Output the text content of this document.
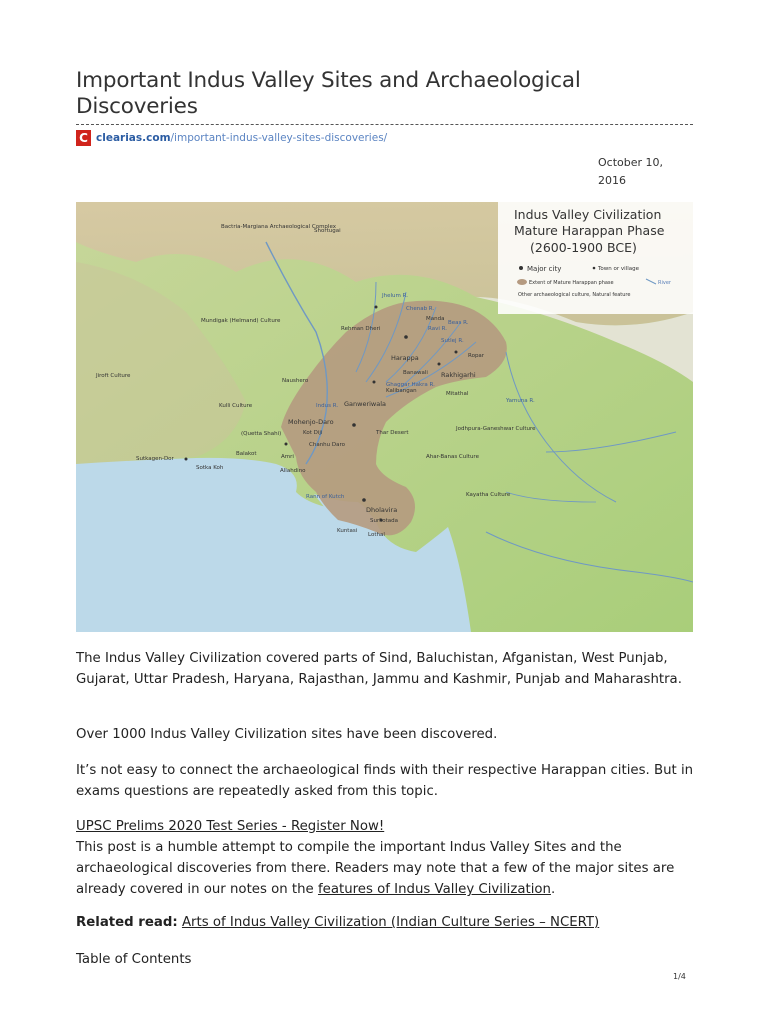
Important Indus Valley Sites and Archaeological Discoveries
C clearias.com /important-indus-valley-sites-discoveries/
October 10, 2016
Indus Valley Civilization
Mature Harappan Phase
(2600-1900 BCE)
Major city	Town or village
Extent of Mature Harappan phase	River
Other archaeological culture, Natural feature
Bactria-Margiana Archaeological Complex
Shortugai
Mundigak (Helmand) Culture
Jiroft Culture
Kulli Culture
Rehman Dheri
Naushero
Manda
Harappa	Ropar
Banawali Rakhigarhi
Kalibangan	Mitathal
Ganweriwala
Mohenjo-Daro
Kot Diji
(Quetta Shahi)
Chanhu Daro
Amri
Balakot
Sutkagen-Dor
Sotka Koh	Allahdino
Dholavira
Rann of Kutch
Surkotada
Lothal
Kuntasi
Thar Desert
Jodhpura-Ganeshwar Culture
Ahar-Banas Culture
Kayatha Culture
Indus R.
Jhelum R.
Chenab R.
Ravi R.
Beas R.
Sutlej R.
Ghaggar Hakra R.
Yamuna R.

The Indus Valley Civilization covered parts of Sind, Baluchistan, Afganistan, West Punjab, Gujarat, Uttar Pradesh, Haryana, Rajasthan, Jammu and Kashmir, Punjab and Maharashtra.

Over 1000 Indus Valley Civilization sites have been discovered.

It’s not easy to connect the archaeological finds with their respective Harappan cities. But in exams questions are repeatedly asked from this topic.

UPSC Prelims 2020 Test Series - Register Now!
This post is a humble attempt to compile the important Indus Valley Sites and the archaeological discoveries from there. Readers may note that a few of the major sites are already covered in our notes on the features of Indus Valley Civilization.
Related read: Arts of Indus Valley Civilization (Indian Culture Series – NCERT)
Table of Contents
1/4
